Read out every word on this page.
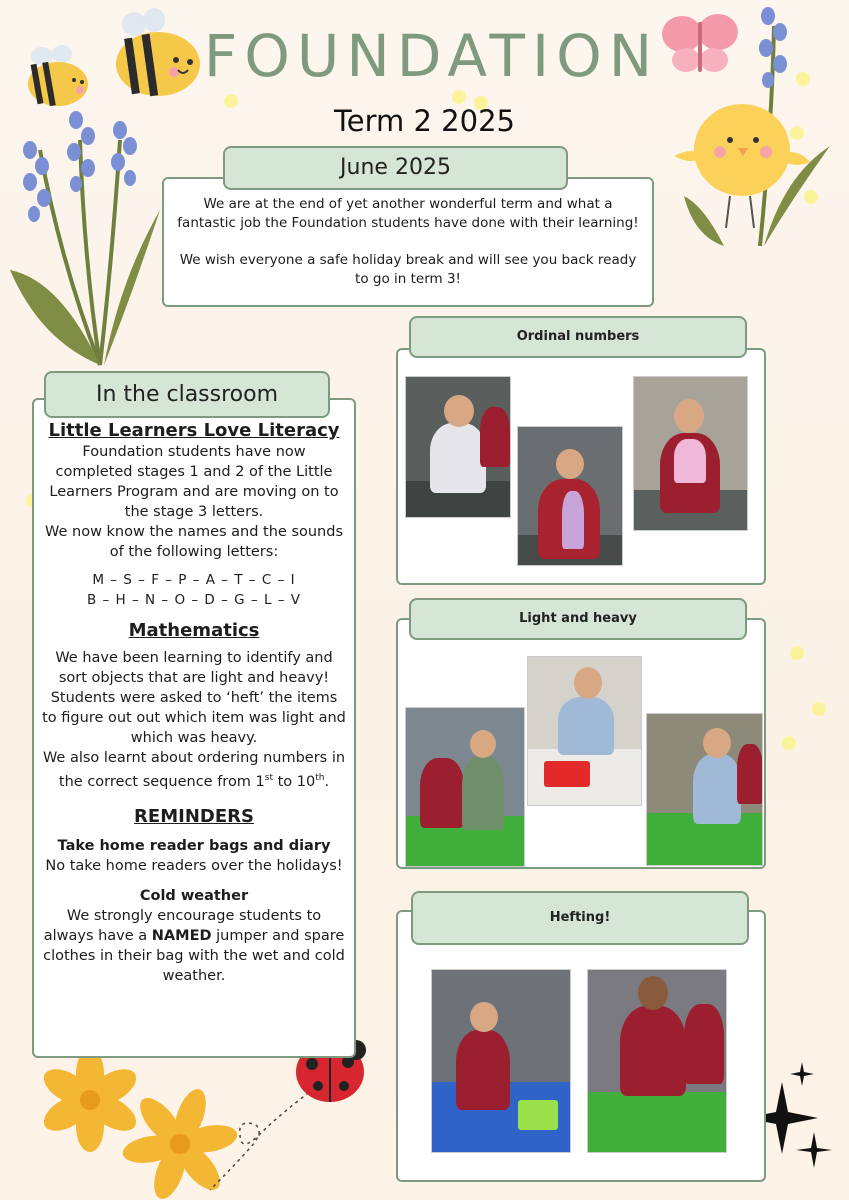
FOUNDATION
Term 2 2025

We are at the end of yet another wonderful term and what a fantastic job the Foundation students have done with their learning!

We wish everyone a safe holiday break and will see you back ready to go in term 3!

June 2025
Little Learners Love Literacy
Foundation students have now completed stages 1 and 2 of the Little Learners Program and are moving on to the stage 3 letters.
We now know the names and the sounds of the following letters:
M – S – F – P – A – T – C – I
B – H – N – O – D – G – L – V
Mathematics
We have been learning to identify and sort objects that are light and heavy! Students were asked to ‘heft’ the items to figure out out which item was light and which was heavy.
We also learnt about ordering numbers in the correct sequence from 1st to 10th.
REMINDERS
Take home reader bags and diary
No take home readers over the holidays!
Cold weather
We strongly encourage students to always have a NAMED jumper and spare clothes in their bag with the wet and cold weather.
In the classroom
Ordinal numbers
Light and heavy
Hefting!
